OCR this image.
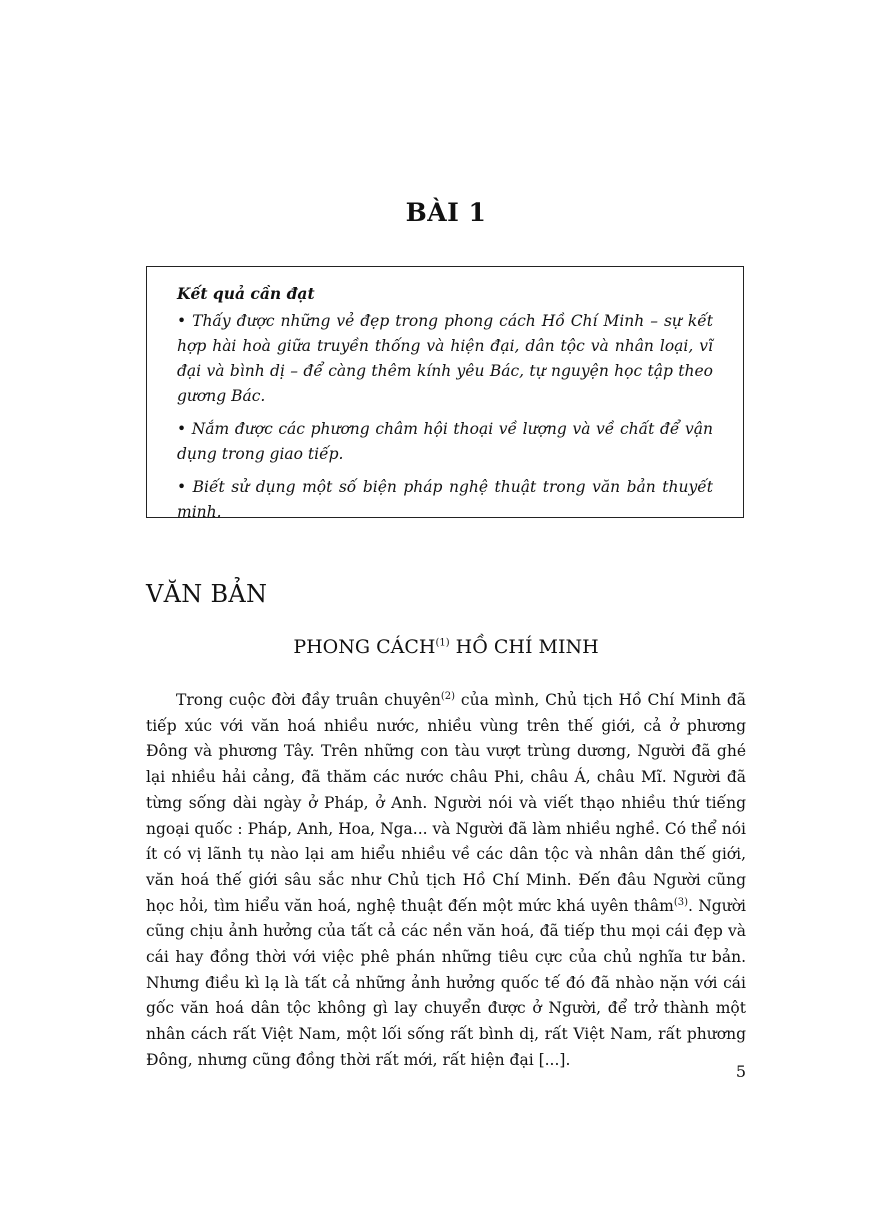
BÀI 1
Kết quả cần đạt

• Thấy được những vẻ đẹp trong phong cách Hồ Chí Minh – sự kết hợp hài hoà giữa truyền thống và hiện đại, dân tộc và nhân loại, vĩ đại và bình dị – để càng thêm kính yêu Bác, tự nguyện học tập theo gương Bác.

• Nắm được các phương châm hội thoại về lượng và về chất để vận dụng trong giao tiếp.

• Biết sử dụng một số biện pháp nghệ thuật trong văn bản thuyết minh.

VĂN BẢN
PHONG CÁCH$^{(1)}$ HỒ CHÍ MINH

Trong cuộc đời đầy truân chuyên$^{(2)}$ của mình, Chủ tịch Hồ Chí Minh đã tiếp xúc với văn hoá nhiều nước, nhiều vùng trên thế giới, cả ở phương Đông và phương Tây. Trên những con tàu vượt trùng dương, Người đã ghé lại nhiều hải cảng, đã thăm các nước châu Phi, châu Á, châu Mĩ. Người đã từng sống dài ngày ở Pháp, ở Anh. Người nói và viết thạo nhiều thứ tiếng ngoại quốc : Pháp, Anh, Hoa, Nga... và Người đã làm nhiều nghề. Có thể nói ít có vị lãnh tụ nào lại am hiểu nhiều về các dân tộc và nhân dân thế giới, văn hoá thế giới sâu sắc như Chủ tịch Hồ Chí Minh. Đến đâu Người cũng học hỏi, tìm hiểu văn hoá, nghệ thuật đến một mức khá uyên thâm$^{(3)}$. Người cũng chịu ảnh hưởng của tất cả các nền văn hoá, đã tiếp thu mọi cái đẹp và cái hay đồng thời với việc phê phán những tiêu cực của chủ nghĩa tư bản. Nhưng điều kì lạ là tất cả những ảnh hưởng quốc tế đó đã nhào nặn với cái gốc văn hoá dân tộc không gì lay chuyển được ở Người, để trở thành một nhân cách rất Việt Nam, một lối sống rất bình dị, rất Việt Nam, rất phương Đông, nhưng cũng đồng thời rất mới, rất hiện đại [...].

5
